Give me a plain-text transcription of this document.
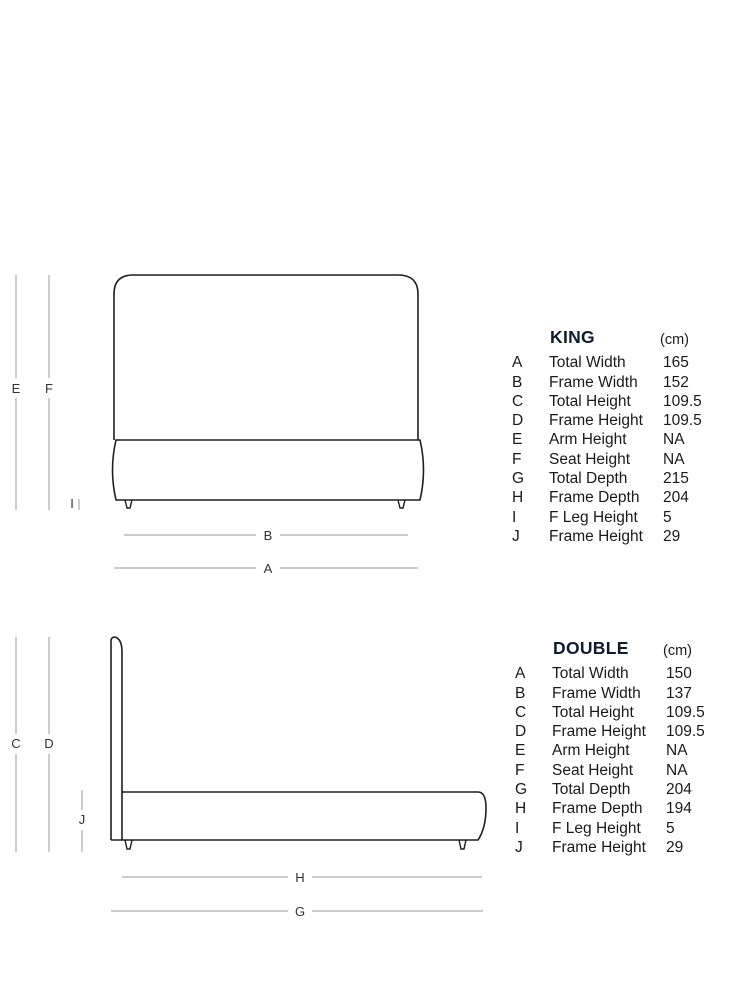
E F
I
B
A
C D
J
H
G
KING	(cm)
A	Total Width	165
B	Frame Width	152
C	Total Height	109.5
D	Frame Height	109.5
E	Arm Height	NA
F	Seat Height	NA
G	Total Depth	215
H	Frame Depth	204
I	F Leg Height	5
J	Frame Height	29
DOUBLE	(cm)
A	Total Width	150
B	Frame Width	137
C	Total Height	109.5
D	Frame Height	109.5
E	Arm Height	NA
F	Seat Height	NA
G	Total Depth	204
H	Frame Depth	194
I	F Leg Height	5
J	Frame Height	29
